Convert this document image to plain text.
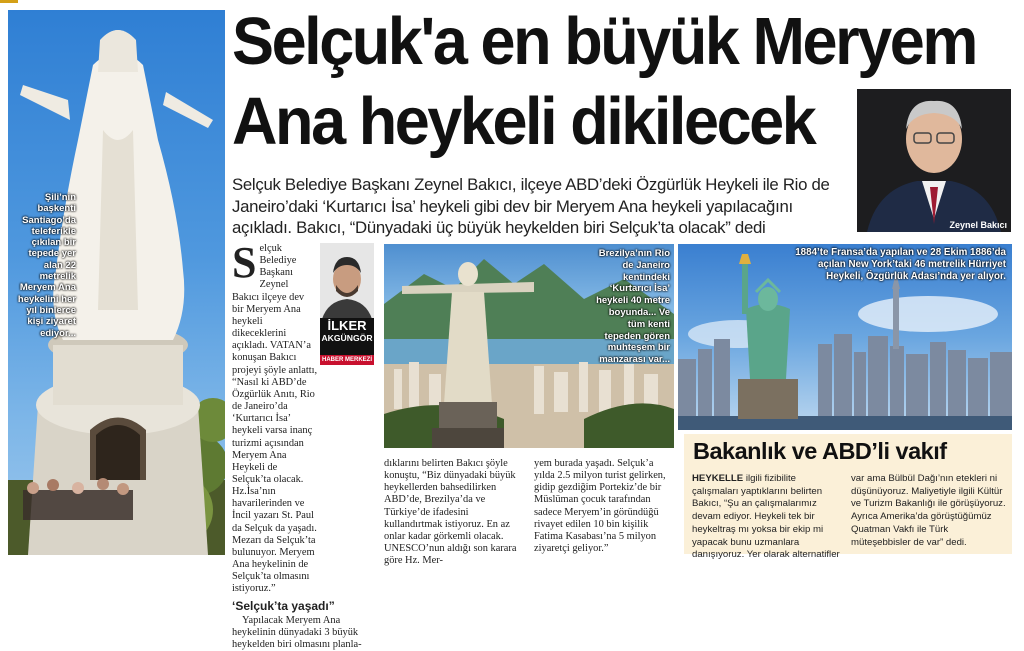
Şili’nin başkenti Santiago’da teleferikle çıkılan bir tepede yer alan 22 metrelik Meryem Ana heykelini her yıl binlerce kişi ziyaret ediyor...
Selçuk'a en büyük Meryem
Ana heykeli dikilecek
Zeynel Bakıcı
Selçuk Belediye Başkanı Zeynel Bakıcı, ilçeye ABD’deki Özgürlük Heykeli ile Rio de Janeiro’daki ‘Kurtarıcı İsa’ heykeli gibi dev bir Meryem Ana heykeli yapılacağını açıkladı. Bakıcı, “Dünyadaki üç büyük heykelden biri Selçuk’ta olacak” dedi
S elçuk Belediye Başkanı Zeynel Bakıcı ilçeye dev bir Meryem Ana heykeli dikeceklerini açıkladı. VATAN’a konuşan Bakıcı projeyi şöyle anlattı, “Nasıl ki ABD’de Özgürlük Anıtı, Rio de Janeiro’da ‘Kurtarıcı İsa’ heykeli varsa inanç turizmi açısından Meryem Ana Heykeli de Selçuk’ta olacak. Hz.İsa’nın havarilerinden ve İncil yazarı St. Paul da Selçuk da yaşadı. Mezarı da Selçuk’ta bulunuyor. Meryem Ana heykelinin de Selçuk’ta olmasını istiyoruz.”
‘Selçuk’ta yaşadı”
Yapılacak Meryem Ana heykelinin dünyadaki 3 büyük heykelden biri olmasını planla-
İLKER
AKGÜNGÖR
HABER MERKEZİ
Brezilya’nın Rio de Janeiro kentindeki ‘Kurtarıcı İsa’ heykeli 40 metre boyunda... Ve tüm kenti tepeden gören muhteşem bir manzarası var...
1884’te Fransa’da yapılan ve 28 Ekim 1886’da açılan New York’taki 46 metrelik Hürriyet Heykeli, Özgürlük Adası’nda yer alıyor.
dıklarını belirten Bakıcı şöyle konuştu, “Biz dünyadaki büyük heykellerden bahsedilirken ABD’de, Brezilya’da ve Türkiye’de ifadesini kullandırtmak istiyoruz. En az onlar kadar görkemli olacak. UNESCO’nun aldığı son karara göre Hz. Mer-
yem burada yaşadı. Selçuk’a yılda 2.5 milyon turist gelirken, gidip gezdiğim Portekiz’de bir Müslüman çocuk tarafından sadece Meryem’in göründüğü rivayet edilen 10 bin kişilik Fatima Kasabası’na 5 milyon ziyaretçi geliyor.”
Bakanlık ve ABD’li vakıf
HEYKELLE ilgili fizibilite çalışmaları yaptıklarını belirten Bakıcı, “Şu an çalışmalarımız devam ediyor. Heykeli tek bir heykeltraş mı yoksa bir ekip mi yapacak bunu uzmanlara danışıyoruz. Yer olarak alternatifler
var ama Bülbül Dağı’nın etekleri ni düşünüyoruz. Maliyetiyle ilgili Kültür ve Turizm Bakanlığı ile görüşüyoruz. Ayrıca Amerika’da görüştüğümüz Quatman Vakfı ile Türk müteşebbisler de var” dedi.
